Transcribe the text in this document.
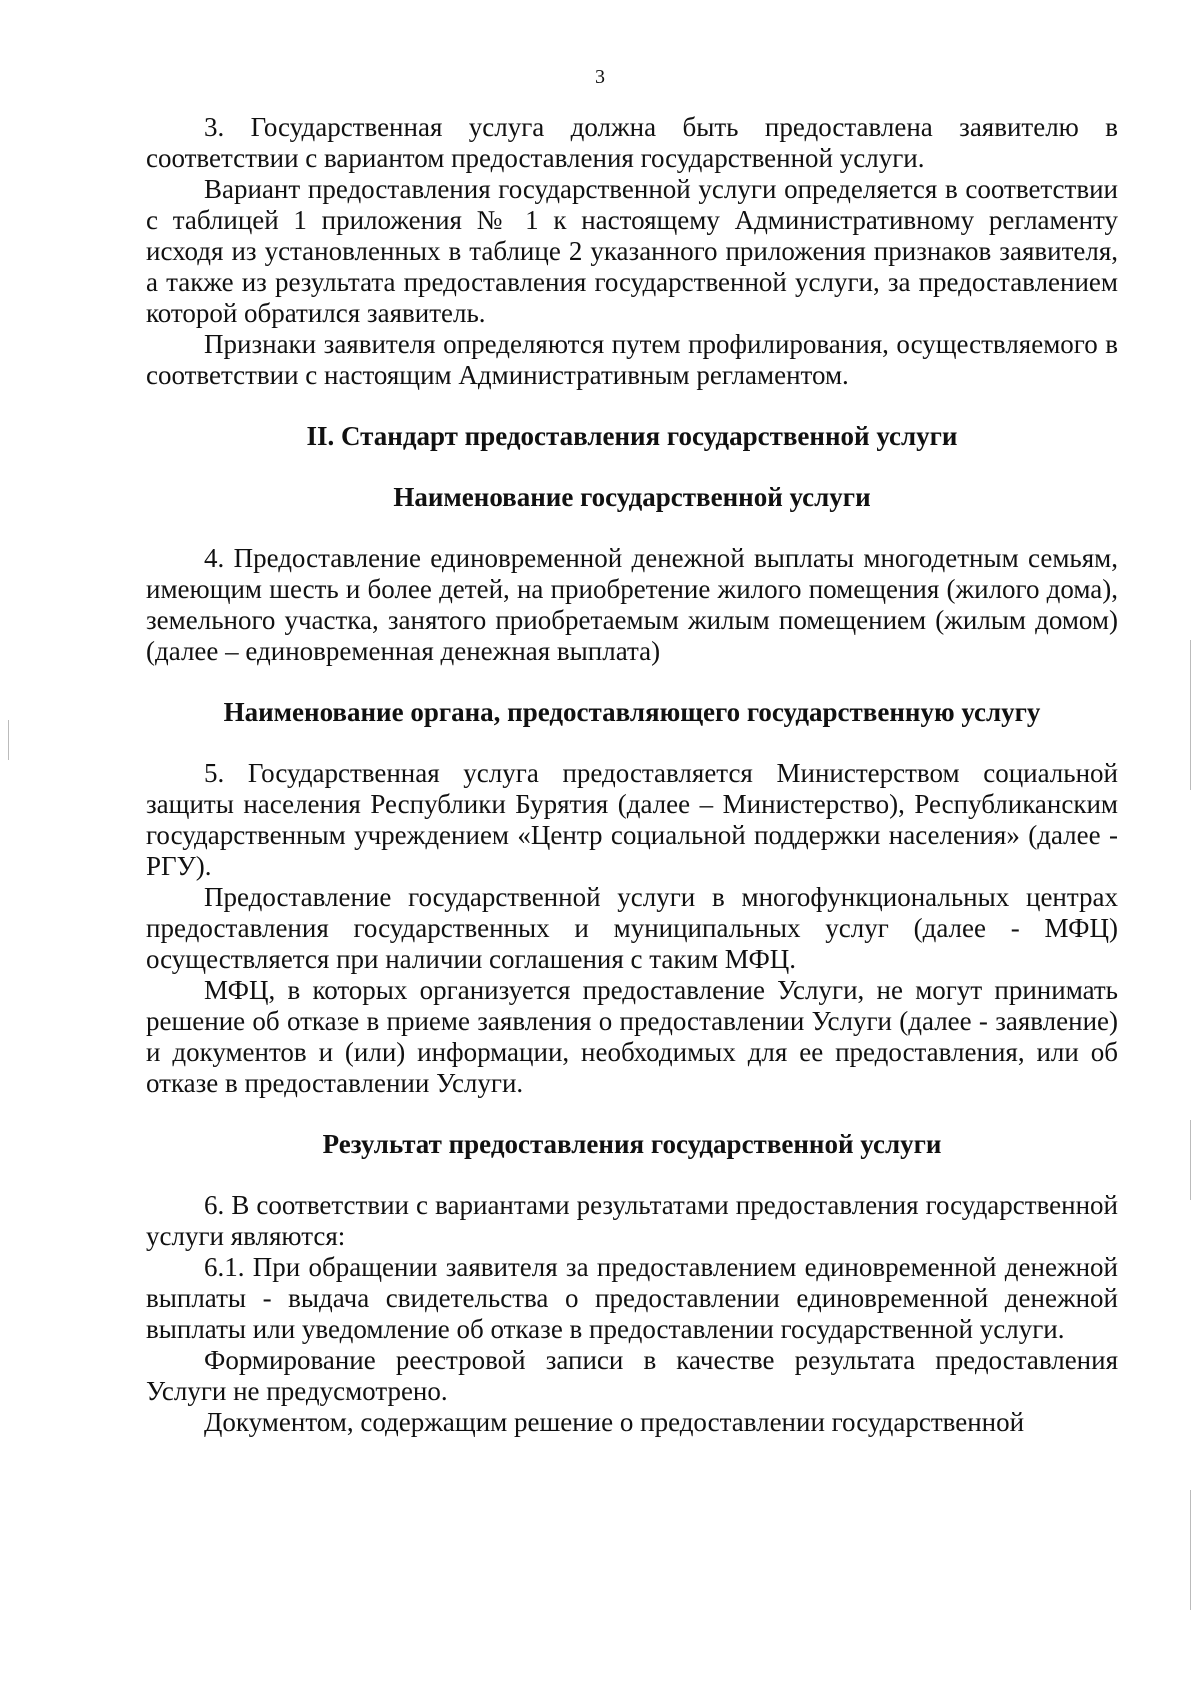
3

3. Государственная услуга должна быть предоставлена заявителю в соответствии с вариантом предоставления государственной услуги.

Вариант предоставления государственной услуги определяется в соответствии с таблицей 1 приложения № 1 к настоящему Административному регламенту исходя из установленных в таблице 2 указанного приложения признаков заявителя, а также из результата предоставления государственной услуги, за предоставлением которой обратился заявитель.

Признаки заявителя определяются путем профилирования, осуществляемого в соответствии с настоящим Административным регламентом.

II. Стандарт предоставления государственной услуги
Наименование государственной услуги

4. Предоставление единовременной денежной выплаты многодетным семьям, имеющим шесть и более детей, на приобретение жилого помещения (жилого дома), земельного участка, занятого приобретаемым жилым помещением (жилым домом) (далее – единовременная денежная выплата)

Наименование органа, предоставляющего государственную услугу

5. Государственная услуга предоставляется Министерством социальной защиты населения Республики Бурятия (далее – Министерство), Республиканским государственным учреждением «Центр социальной поддержки населения» (далее - РГУ).

Предоставление государственной услуги в многофункциональных центрах предоставления государственных и муниципальных услуг (далее - МФЦ) осуществляется при наличии соглашения с таким МФЦ.

МФЦ, в которых организуется предоставление Услуги, не могут принимать решение об отказе в приеме заявления о предоставлении Услуги (далее - заявление) и документов и (или) информации, необходимых для ее предоставления, или об отказе в предоставлении Услуги.

Результат предоставления государственной услуги

6. В соответствии с вариантами результатами предоставления государственной услуги являются:

6.1. При обращении заявителя за предоставлением единовременной денежной выплаты - выдача свидетельства о предоставлении единовременной денежной выплаты или уведомление об отказе в предоставлении государственной услуги.

Формирование реестровой записи в качестве результата предоставления Услуги не предусмотрено.

Документом, содержащим решение о предоставлении государственной
